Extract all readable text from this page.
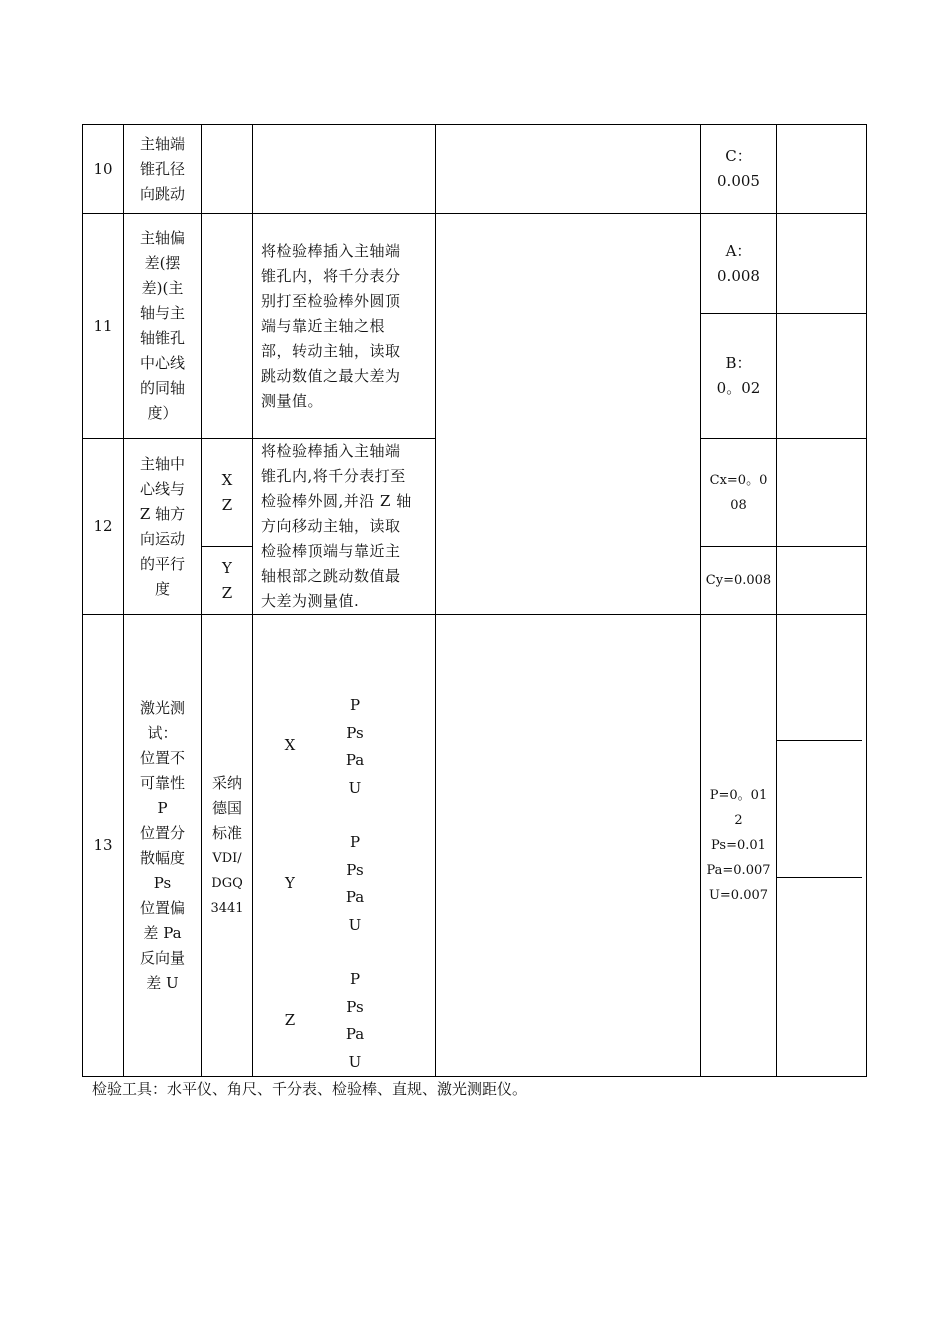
10
主轴端
锥孔径
向跳动
C：
0.005
11
主轴偏
差(摆
差)(主
轴与主
轴锥孔
中心线
的同轴
度）
将检验棒插入主轴端
锥孔内，将千分表分
别打至检验棒外圆顶
端与靠近主轴之根
部，转动主轴，读取
跳动数值之最大差为
测量值。
A：
0.008
B：
0。02
12
主轴中
心线与
Z 轴方
向运动
的平行
度
X
Z
Y
Z
将检验棒插入主轴端
锥孔内,将千分表打至
检验棒外圆,并沿 Z 轴
方向移动主轴，读取
检验棒顶端与靠近主
轴根部之跳动数值最
大差为测量值.
Cx=0。0
08
Cy=0.008
13
激光测
试：
位置不
可靠性
P
位置分
散幅度
Ps
位置偏
差 Pa
反向量
差 U
采纳
德国
标准
VDI/
DGQ
3441
X
P
Ps
Pa
U
Y
P
Ps
Pa
U
Z
P
Ps
Pa
U
P=0。01
2
Ps=0.01
Pa=0.007
U=0.007
检验工具：水平仪、角尺、千分表、检验棒、直规、激光测距仪。
